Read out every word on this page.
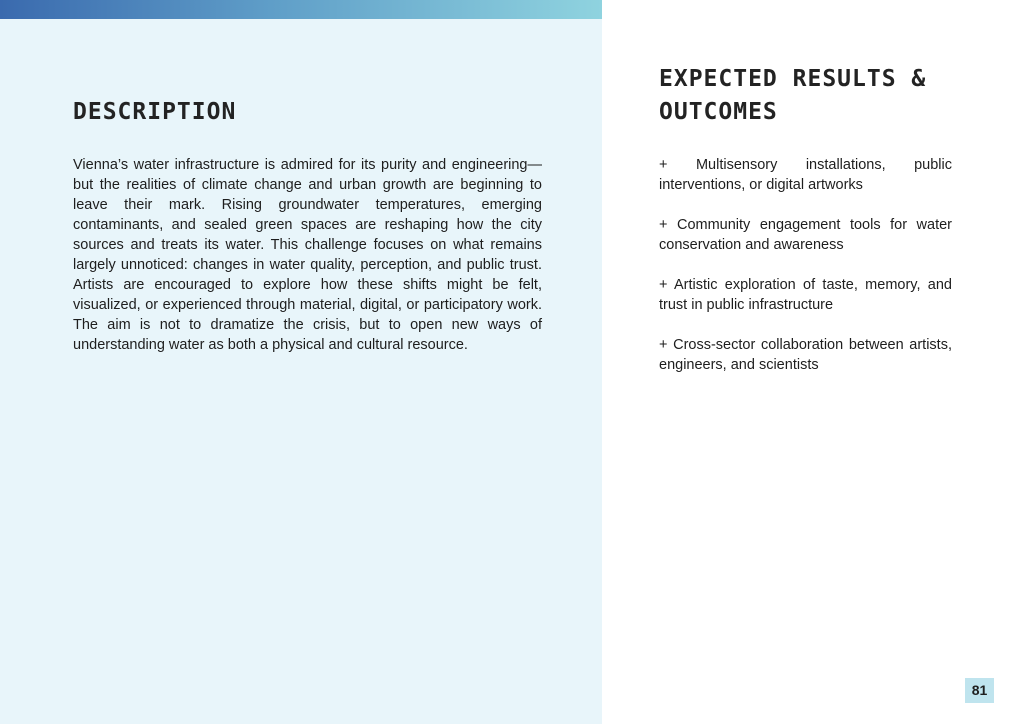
DESCRIPTION

Vienna’s water infrastructure is admired for its purity and engineering—but the realities of climate change and urban growth are beginning to leave their mark. Rising groundwater temperatures, emerging contaminants, and sealed green spaces are reshaping how the city sources and treats its water. This challenge focuses on what remains largely unnoticed: changes in water quality, perception, and public trust. Artists are encouraged to explore how these shifts might be felt, visualized, or experienced through material, digital, or participatory work. The aim is not to dramatize the crisis, but to open new ways of understanding water as both a physical and cultural resource.

EXPECTED RESULTS & OUTCOMES
+ Multisensory installations, public interventions, or digital artworks
+ Community engagement tools for water conservation and awareness
+ Artistic exploration of taste, memory, and trust in public infrastructure
+ Cross-sector collaboration between artists, engineers, and scientists
81
